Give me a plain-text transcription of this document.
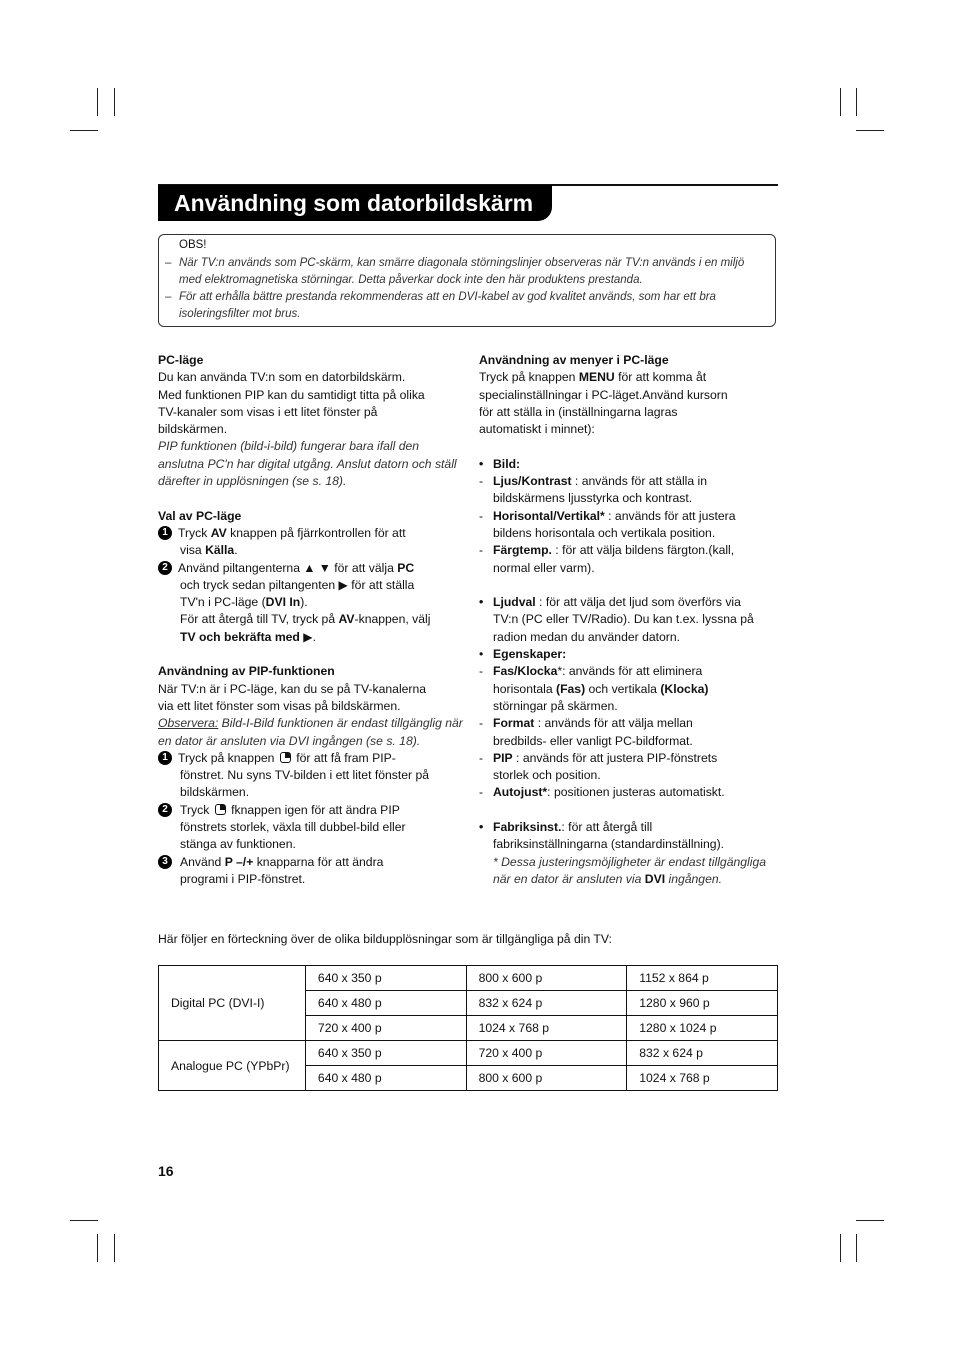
Användning som datorbildskärm
OBS!
– När TV:n används som PC-skärm, kan smärre diagonala störningslinjer observeras när TV:n används i en miljö
med elektromagnetiska störningar. Detta påverkar dock inte den här produktens prestanda.
– För att erhålla bättre prestanda rekommenderas att en DVI-kabel av god kvalitet används, som har ett bra
isoleringsfilter mot brus.

PC-läge

Du kan använda TV:n som en datorbildskärm.

Med funktionen PIP kan du samtidigt titta på olika

TV-kanaler som visas i ett litet fönster på

bildskärmen.

PIP funktionen (bild-i-bild) fungerar bara ifall den

anslutna PC'n har digital utgång. Anslut datorn och ställ

därefter in upplösningen (se s. 18).

Val av PC-läge

1 Tryck AV knappen på fjärrkontrollen för att

visa Källa.

2 Använd piltangenterna ▲ ▼ för att välja PC

och tryck sedan piltangenten ▶ för att ställa

TV'n i PC-läge (DVI In).

För att återgå till TV, tryck på AV-knappen, välj

TV och bekräfta med ▶.

Användning av PIP-funktionen

När TV:n är i PC-läge, kan du se på TV-kanalerna

via ett litet fönster som visas på bildskärmen.

Observera: Bild-I-Bild funktionen är endast tillgänglig när

en dator är ansluten via DVI ingången (se s. 18).

1 Tryck på knappen  för att få fram PIP-

fönstret. Nu syns TV-bilden i ett litet fönster på

bildskärmen.

2	Tryck  fknappen igen för att ändra PIP

fönstrets storlek, växla till dubbel-bild eller

stänga av funktionen.

3	Använd P –/+ knapparna för att ändra

programi i PIP-fönstret.

Användning av menyer i PC-läge

Tryck på knappen MENU för att komma åt

specialinställningar i PC-läget.Använd kursorn

för att ställa in (inställningarna lagras

automatiskt i minnet):

• Bild:

- Ljus/Kontrast : används för att ställa in

bildskärmens ljusstyrka och kontrast.

- Horisontal/Vertikal* : används för att justera

bildens horisontala och vertikala position.

- Färgtemp. : för att välja bildens färgton.(kall,

normal eller varm).

• Ljudval : för att välja det ljud som överförs via

TV:n (PC eller TV/Radio). Du kan t.ex. lyssna på

radion medan du använder datorn.

• Egenskaper:

- Fas/Klocka*: används för att eliminera

horisontala (Fas) och vertikala (Klocka)

störningar på skärmen.

- Format : används för att välja mellan

bredbilds- eller vanligt PC-bildformat.

- PIP : används för att justera PIP-fönstrets

storlek och position.

- Autojust*: positionen justeras automatiskt.

• Fabriksinst.: för att återgå till

fabriksinställningarna (standardinställning).

* Dessa justeringsmöjligheter är endast tillgängliga

när en dator är ansluten via DVI ingången.

Här följer en förteckning över de olika bildupplösningar som är tillgängliga på din TV:

Digital PC (DVI-I)	640 x 350 p	800 x 600 p	1152 x 864 p
	640 x 480 p	832 x 624 p	1280 x 960 p
	720 x 400 p	1024 x 768 p	1280 x 1024 p
Analogue PC (YPbPr)	640 x 350 p	720 x 400 p	832 x 624 p
	640 x 480 p	800 x 600 p	1024 x 768 p
16
